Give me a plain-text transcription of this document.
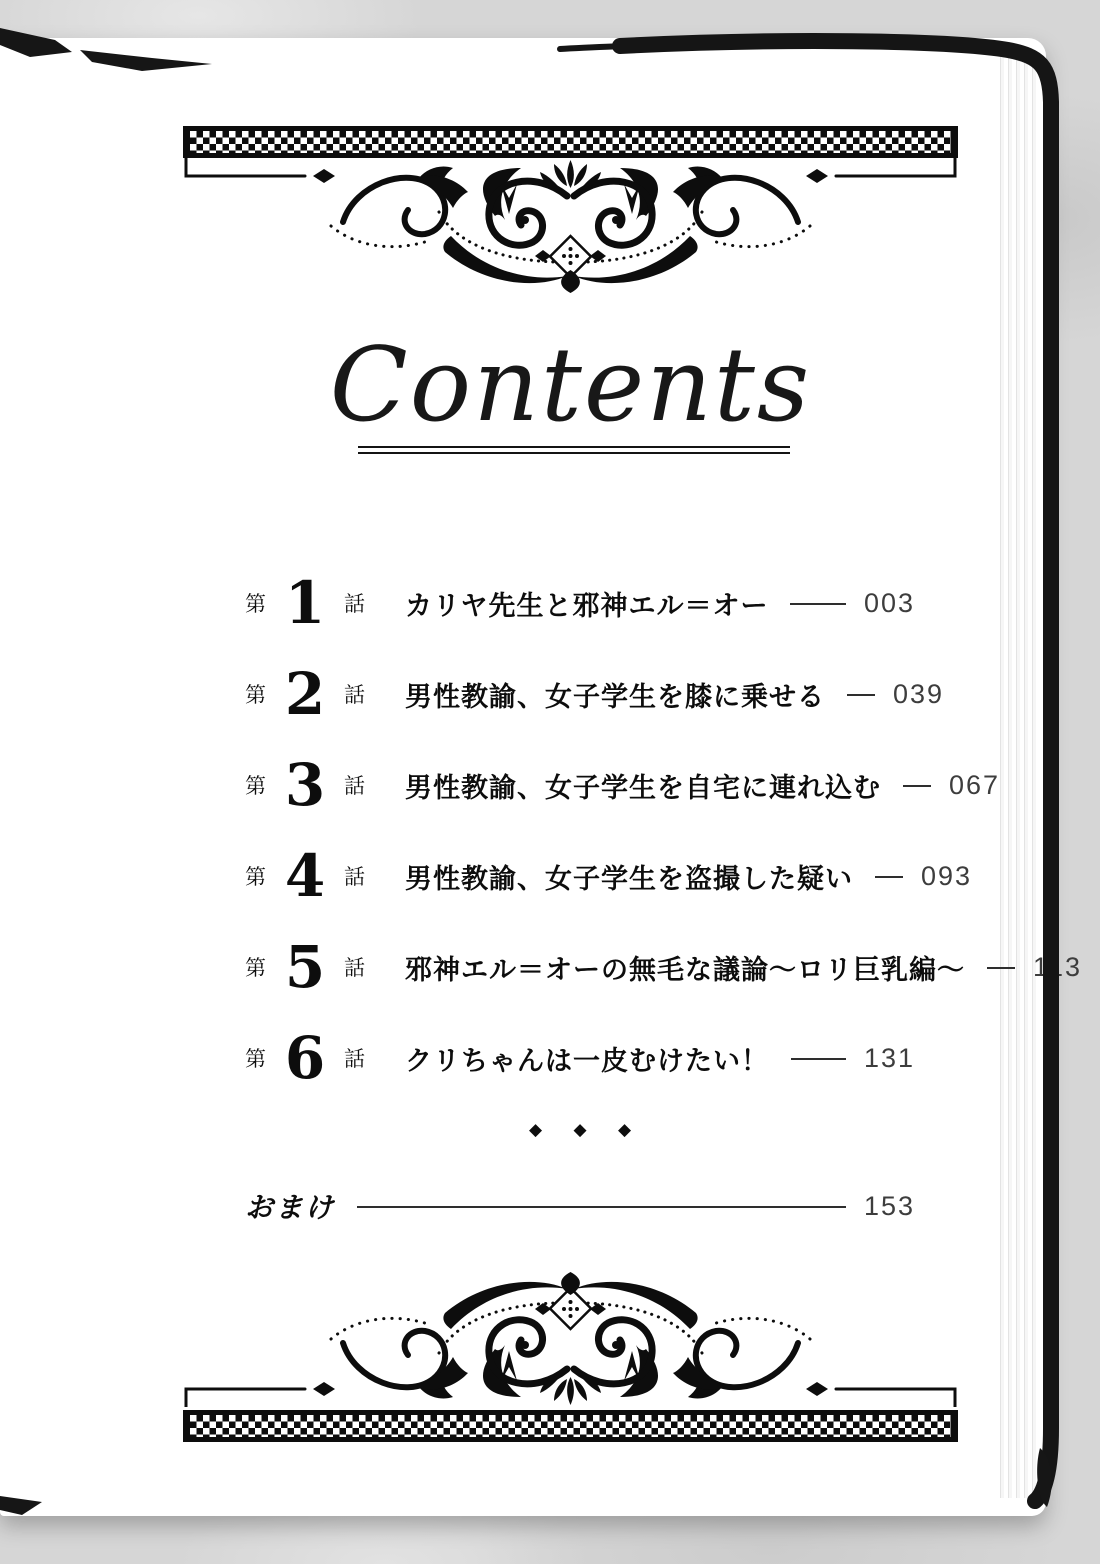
Contents
第 1 話 カリヤ先生と邪神エル＝オー	003
第 2 話 男性教諭、女子学生を膝に乗せる	039
第 3 話 男性教諭、女子学生を自宅に連れ込む	067
第 4 話 男性教諭、女子学生を盗撮した疑い	093
第 5 話 邪神エル＝オーの無毛な議論～ロリ巨乳編～	113
第 6 話 クリちゃんは一皮むけたい！	131
◆ ◆ ◆
おまけ	153
